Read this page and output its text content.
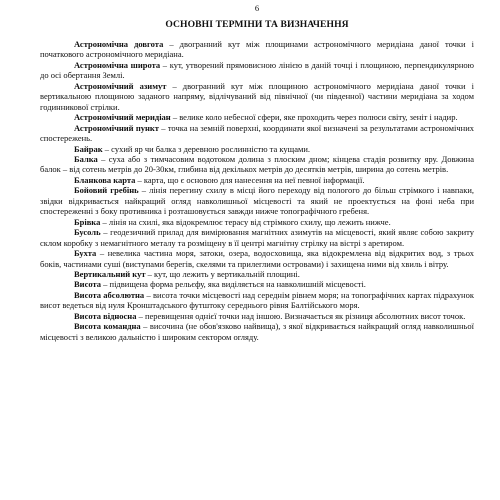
6
ОСНОВНІ ТЕРМІНИ ТА ВИЗНАЧЕННЯ

Астрономічна довгота – двогранний кут між площинами астрономічного меридіана даної точки і початкового астрономічного меридіана.

Астрономічна широта – кут, утворений прямовисною лінією в даній точці і площиною, перпендикулярною до осі обертання Землі.

Астрономічний азимут – двогранний кут між площиною астрономічного меридіана даної точки і вертикальною площиною заданого напряму, відлічуваний від північної (чи південної) частини меридіана за ходом годинникової стрілки.

Астрономічний меридіан – велике коло небесної сфери, яке проходить через полюси світу, зеніт і надир.

Астрономічний пункт – точка на земній поверхні, координати якої визначені за результатами астрономічних спостережень.

Байрак – сухий яр чи балка з деревною рослинністю та кущами.

Балка – суха або з тимчасовим водотоком долина з плоским дном; кінцева стадія розвитку яру. Довжина балок – від сотень метрів до 20-30км, глибина від декількох метрів до десятків метрів, ширина до сотень метрів.

Бланкова карта – карта, що є основою для нанесення на неї певної інформації.

Бойовий гребінь – лінія перегину схилу в місці його переходу від пологого до більш стрімкого і навпаки, звідки відкривається найкращий огляд навколишньої місцевості та який не проектується на фоні неба при спостереженні з боку противника і розташовується завжди нижче топографічного гребеня.

Брівка – лінія на схилі, яка відокремлює терасу від стрімкого схилу, що лежить нижче.

Бусоль – геодезичний прилад для вимірювання магнітних азимутів на місцевості, який являє собою закриту склом коробку з немагнітного металу та розміщену в її центрі магнітну стрілку на вістрі з аретиром.

Бухта – невелика частина моря, затоки, озера, водосховища, яка відокремлена від відкритих вод, з трьох боків, частинами суші (виступами берегів, скелями та прилеглими островами) і захищена ними від хвиль і вітру.

Вертикальний кут – кут, що лежить у вертикальній площині.

Висота – підвищена форма рельєфу, яка виділяється на навколишній місцевості.

Висота абсолютна – висота точки місцевості над середнім рівнем моря; на топографічних картах підрахунок висот ведеться від нуля Кронштадського футштоку середнього рівня Балтійського моря.

Висота відносна – перевищення однієї точки над іншою. Визначається як різниця абсолютних висот точок.

Висота командна – височина (не обов'язково найвища), з якої відкривається найкращий огляд навколишньої місцевості з великою дальністю і широким сектором огляду.
